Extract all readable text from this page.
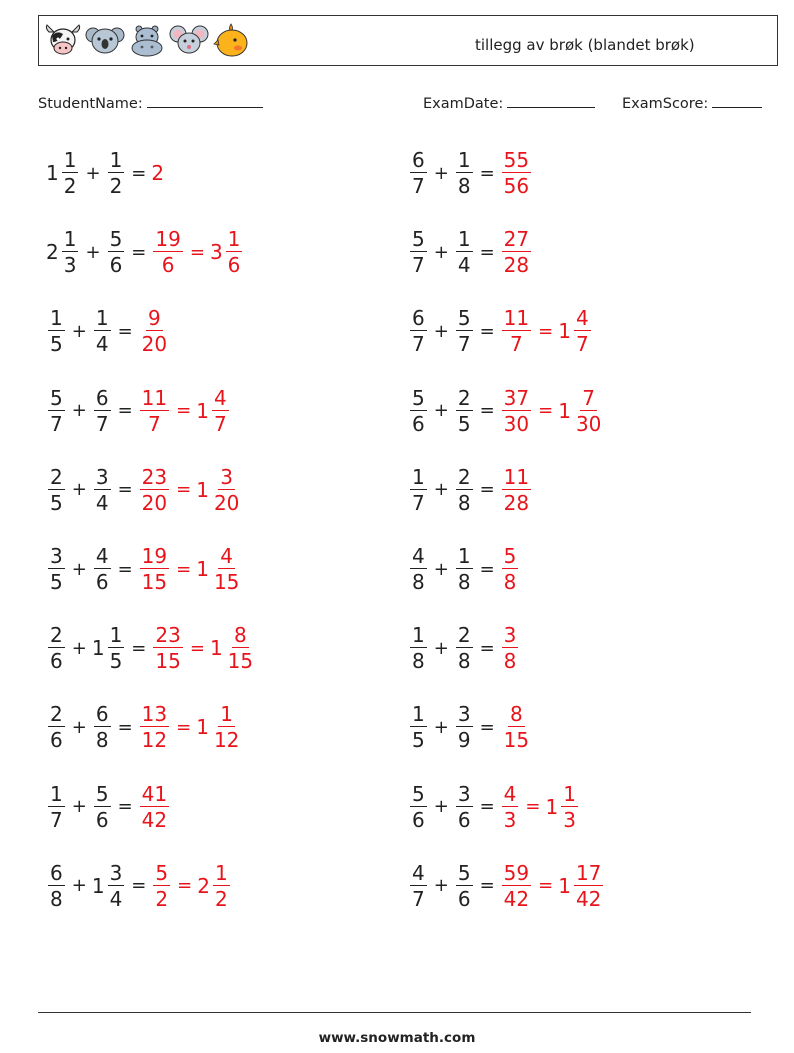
tillegg av brøk (blandet brøk)
StudentName:	ExamDate:	ExamScore:
$1 \frac{1}{2} + \frac{1}{2} = 2$	$\frac{6}{7} + \frac{1}{8} = \frac{55}{56}$
$2 \frac{1}{3} + \frac{5}{6} = \frac{19}{6} = 3 \frac{1}{6}$	$\frac{5}{7} + \frac{1}{4} = \frac{27}{28}$
$\frac{1}{5} + \frac{1}{4} = \frac{9}{20}$	$\frac{6}{7} + \frac{5}{7} = \frac{11}{7} = 1 \frac{4}{7}$
$\frac{5}{7} + \frac{6}{7} = \frac{11}{7} = 1 \frac{4}{7}$	$\frac{5}{6} + \frac{2}{5} = \frac{37}{30} = 1 \frac{7}{30}$
$\frac{2}{5} + \frac{3}{4} = \frac{23}{20} = 1 \frac{3}{20}$	$\frac{1}{7} + \frac{2}{8} = \frac{11}{28}$
$\frac{3}{5} + \frac{4}{6} = \frac{19}{15} = 1 \frac{4}{15}$	$\frac{4}{8} + \frac{1}{8} = \frac{5}{8}$
$\frac{2}{6} + 1 \frac{1}{5} = \frac{23}{15} = 1 \frac{8}{15}$	$\frac{1}{8} + \frac{2}{8} = \frac{3}{8}$
$\frac{2}{6} + \frac{6}{8} = \frac{13}{12} = 1 \frac{1}{12}$	$\frac{1}{5} + \frac{3}{9} = \frac{8}{15}$
$\frac{1}{7} + \frac{5}{6} = \frac{41}{42}$	$\frac{5}{6} + \frac{3}{6} = \frac{4}{3} = 1 \frac{1}{3}$
$\frac{6}{8} + 1 \frac{3}{4} = \frac{5}{2} = 2 \frac{1}{2}$	$\frac{4}{7} + \frac{5}{6} = \frac{59}{42} = 1 \frac{17}{42}$
www.snowmath.com
